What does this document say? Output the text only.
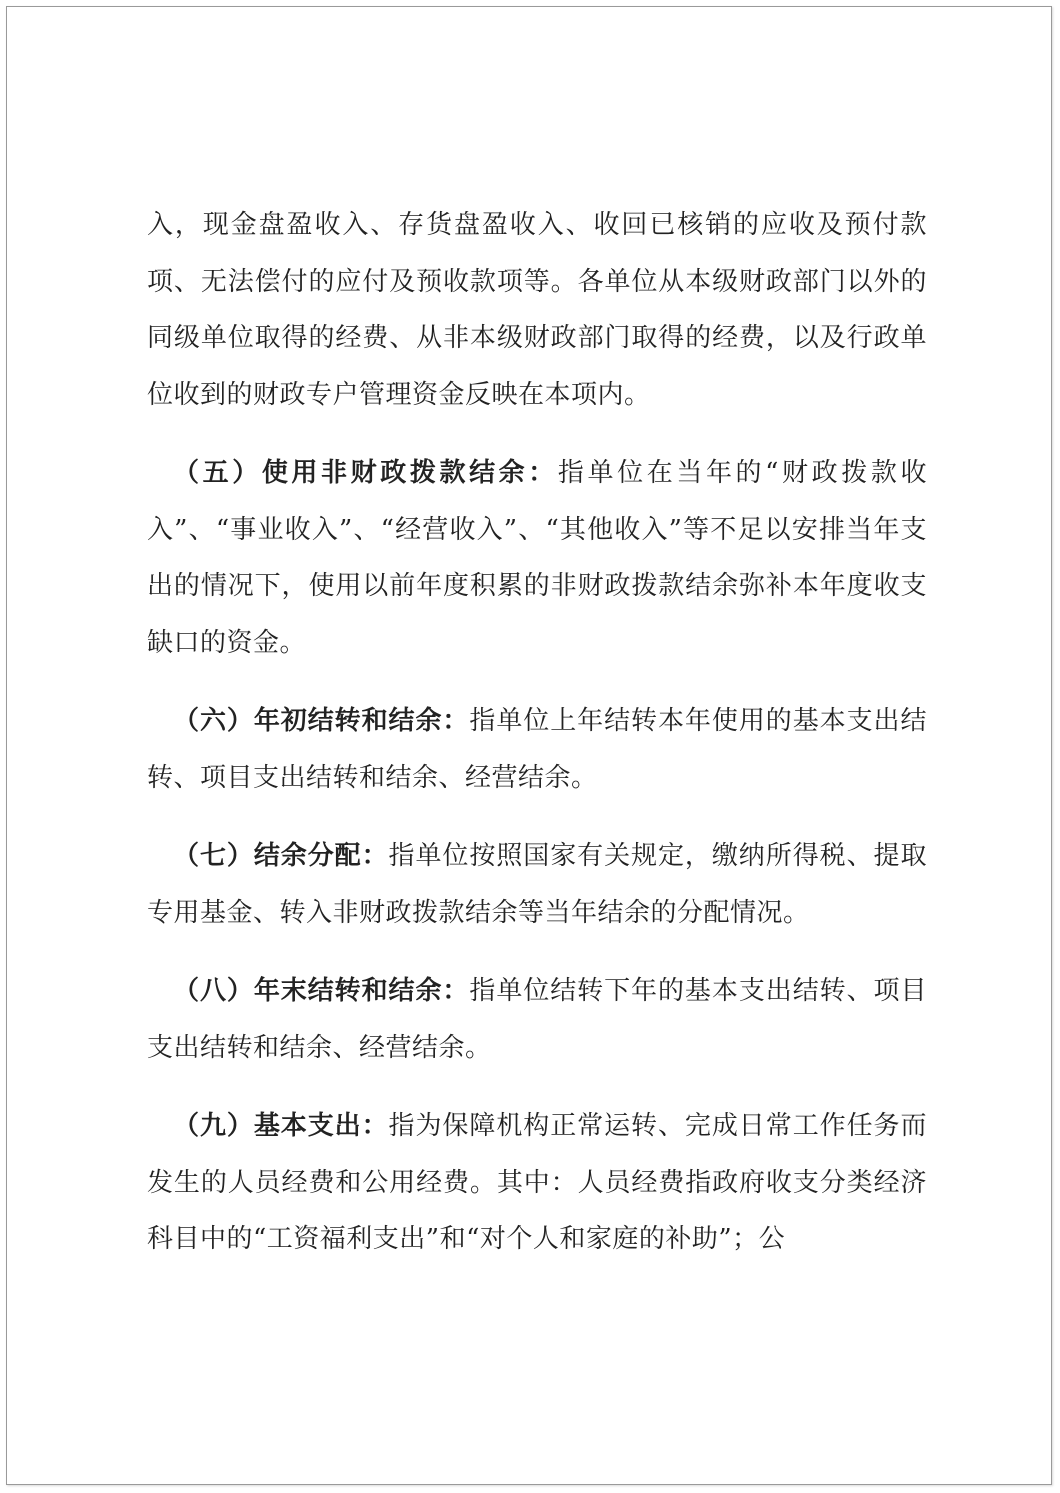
入，现金盘盈收入、存货盘盈收入、收回已核销的应收及预付款项、无法偿付的应付及预收款项等。各单位从本级财政部门以外的同级单位取得的经费、从非本级财政部门取得的经费，以及行政单位收到的财政专户管理资金反映在本项内。

（五）使用非财政拨款结余：指单位在当年的“财政拨款收入”、“事业收入”、“经营收入”、“其他收入”等不足以安排当年支出的情况下，使用以前年度积累的非财政拨款结余弥补本年度收支缺口的资金。

（六）年初结转和结余：指单位上年结转本年使用的基本支出结转、项目支出结转和结余、经营结余。

（七）结余分配：指单位按照国家有关规定，缴纳所得税、提取专用基金、转入非财政拨款结余等当年结余的分配情况。

（八）年末结转和结余：指单位结转下年的基本支出结转、项目支出结转和结余、经营结余。

（九）基本支出：指为保障机构正常运转、完成日常工作任务而发生的人员经费和公用经费。其中：人员经费指政府收支分类经济科目中的“工资福利支出”和“对个人和家庭的补助”；公
